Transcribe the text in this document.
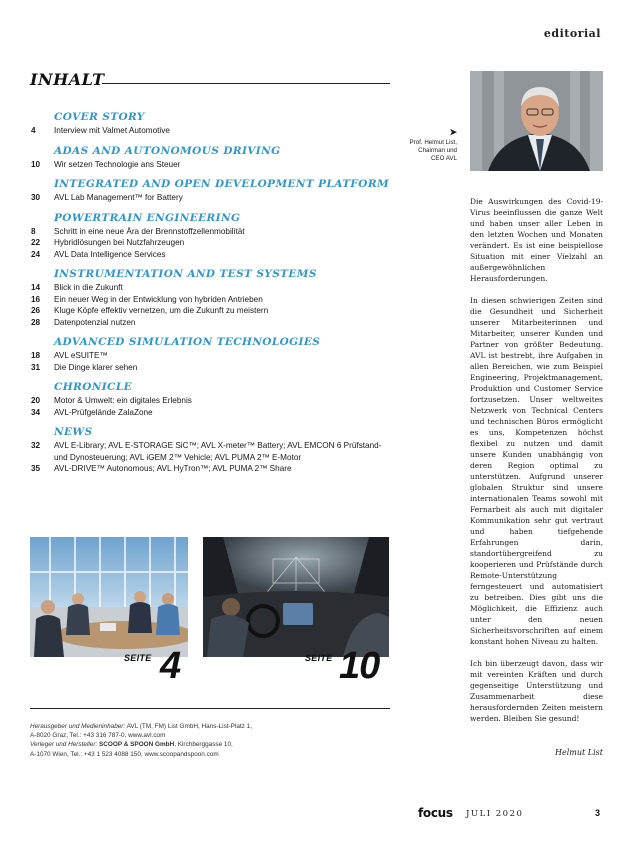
editorial
INHALT
COVER STORY
4	Interview mit Valmet Automotive
ADAS AND AUTONOMOUS DRIVING
10	Wir setzen Technologie ans Steuer
INTEGRATED AND OPEN DEVELOPMENT PLATFORM
30	AVL Lab Management™ for Battery
POWERTRAIN ENGINEERING
8	Schritt in eine neue Ära der Brennstoffzellenmobilität
22	Hybridlösungen bei Nutzfahrzeugen
24	AVL Data Intelligence Services
INSTRUMENTATION AND TEST SYSTEMS
14	Blick in die Zukunft
16	Ein neuer Weg in der Entwicklung von hybriden Antrieben
26	Kluge Köpfe effektiv vernetzen, um die Zukunft zu meistern
28	Datenpotenzial nutzen
ADVANCED SIMULATION TECHNOLOGIES
18	AVL eSUITE™
31	Die Dinge klarer sehen
CHRONICLE
20	Motor & Umwelt: ein digitales Erlebnis
34	AVL-Prüfgelände ZalaZone
NEWS
32	AVL E-Library; AVL E-STORAGE SiC™; AVL X-meter™ Battery; AVL EMCON 6 Prüfstand- und Dynosteuerung; AVL iGEM 2™ Vehicle; AVL PUMA 2™ E-Motor
35	AVL-DRIVE™ Autonomous; AVL HyTron™; AVL PUMA 2™ Share
SEITE 4	SEITE 10
Herausgeber und Medieninhaber: AVL (TM, FM) List GmbH, Hans-List-Platz 1,
A-8020 Graz, Tel.: +43 316 787-0, www.avl.com
Verleger und Hersteller: SCOOP & SPOON GmbH, Kirchberggasse 10,
A-1070 Wien, Tel.: +43 1 523 4088 150, www.scoopandspoon.com
➤
Prof. Helmut List,
Chairman und
CEO AVL

Die Auswirkungen des Covid-19-Virus beeinflussen die ganze Welt und haben unser aller Leben in den letzten Wochen und Monaten verändert. Es ist eine beispiellose Situation mit einer Vielzahl an außergewöhnlichen Herausforderungen.

In diesen schwierigen Zeiten sind die Gesundheit und Sicherheit unserer Mitarbeiterinnen und Mitarbeiter, unserer Kunden und Partner von größter Bedeutung. AVL ist bestrebt, ihre Aufgaben in allen Bereichen, wie zum Beispiel Engineering, Projektmanagement, Produktion und Customer Service fortzusetzen. Unser weltweites Netzwerk von Technical Centers und technischen Büros ermöglicht es uns, Kompetenzen höchst flexibel zu nutzen und damit unsere Kunden unabhängig von deren Region optimal zu unterstützen. Aufgrund unserer globalen Struktur sind unsere internationalen Teams sowohl mit Fernarbeit als auch mit digitaler Kommunikation sehr gut vertraut und haben tiefgehende Erfahrungen darin, standortübergreifend zu kooperieren und Prüfstände durch Remote-Unterstützung ferngesteuert und automatisiert zu betreiben. Dies gibt uns die Möglichkeit, die Effizienz auch unter den neuen Sicherheitsvorschriften auf einem konstant hohen Niveau zu halten.

Ich bin überzeugt davon, dass wir mit vereinten Kräften und durch gegenseitige Unterstützung und Zusammenarbeit diese herausfordernden Zeiten meistern werden. Bleiben Sie gesund!

Helmut List
focus JULI 2020	3
